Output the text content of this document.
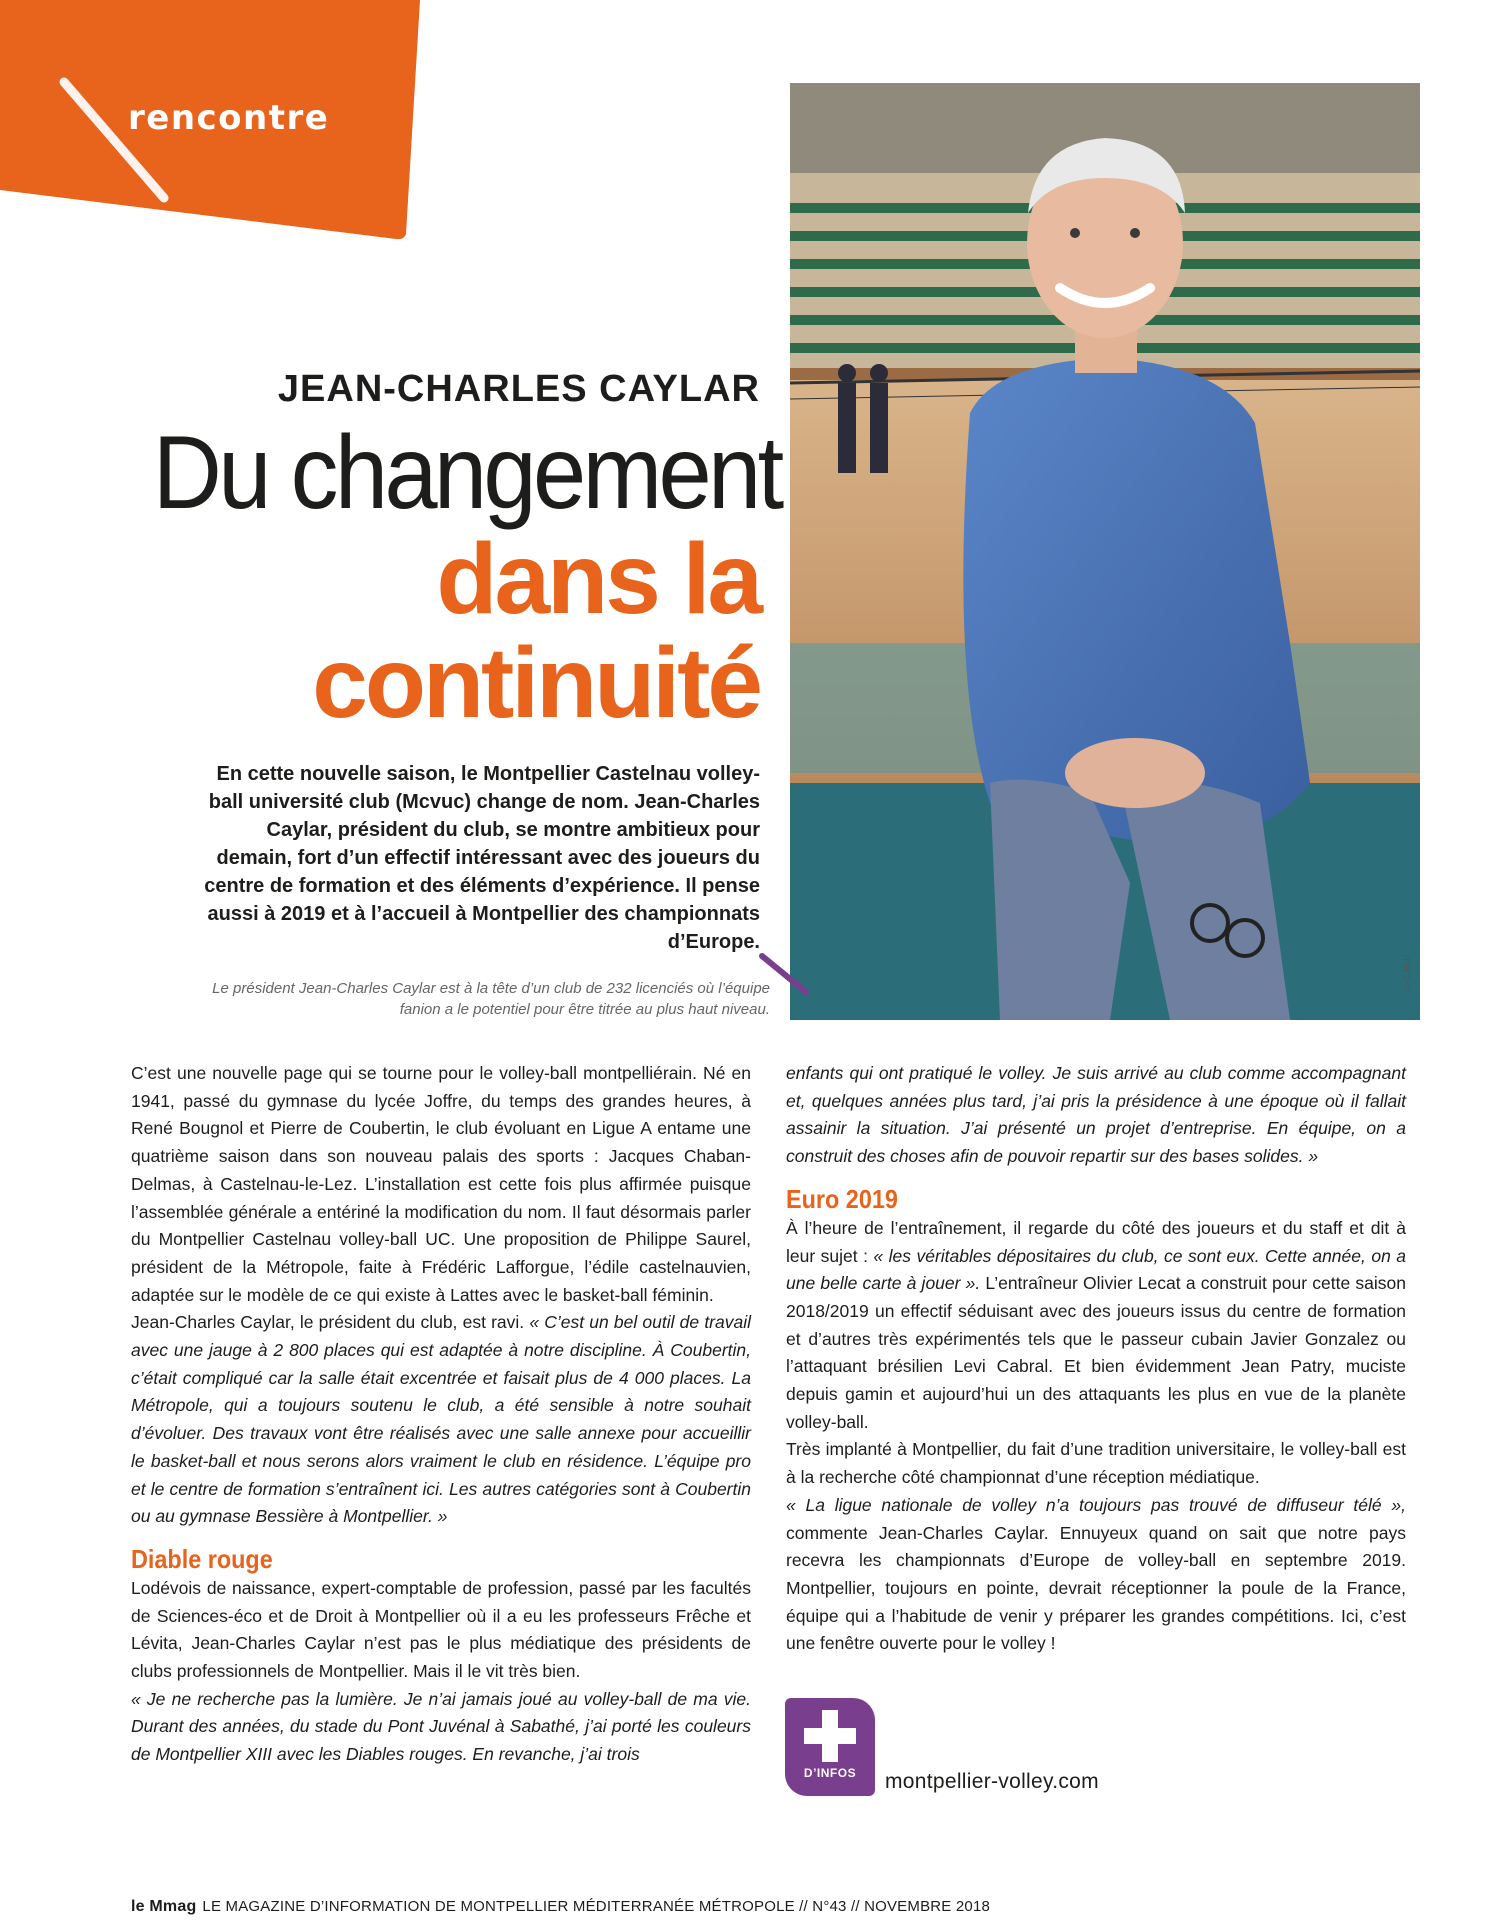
rencontre
© C.Ruiz
JEAN-CHARLES CAYLAR
Du changement
dans la continuité

En cette nouvelle saison, le Montpellier Castelnau volley-ball université club (Mcvuc) change de nom. Jean-Charles Caylar, président du club, se montre ambitieux pour demain, fort d’un effectif intéressant avec des joueurs du centre de formation et des éléments d’expérience. Il pense aussi à 2019 et à l’accueil à Montpellier des championnats d’Europe.

Le président Jean-Charles Caylar est à la tête d’un club de 232 licenciés où l’équipe fanion a le potentiel pour être titrée au plus haut niveau.

C’est une nouvelle page qui se tourne pour le volley-ball montpelliérain. Né en 1941, passé du gymnase du lycée Joffre, du temps des grandes heures, à René Bougnol et Pierre de Coubertin, le club évoluant en Ligue A entame une quatrième saison dans son nouveau palais des sports : Jacques Chaban-Delmas, à Castelnau-le-Lez. L’installation est cette fois plus affirmée puisque l’assemblée générale a entériné la modification du nom. Il faut désormais parler du Montpellier Castelnau volley-ball UC. Une proposition de Philippe Saurel, président de la Métropole, faite à Frédéric Lafforgue, l’édile castelnauvien, adaptée sur le modèle de ce qui existe à Lattes avec le basket-ball féminin.

Jean-Charles Caylar, le président du club, est ravi. « C’est un bel outil de travail avec une jauge à 2 800 places qui est adaptée à notre discipline. À Coubertin, c’était compliqué car la salle était excentrée et faisait plus de 4 000 places. La Métropole, qui a toujours soutenu le club, a été sensible à notre souhait d’évoluer. Des travaux vont être réalisés avec une salle annexe pour accueillir le basket-ball et nous serons alors vraiment le club en résidence. L’équipe pro et le centre de formation s’entraînent ici. Les autres catégories sont à Coubertin ou au gymnase Bessière à Montpellier. »

Diable rouge

Lodévois de naissance, expert-comptable de profession, passé par les facultés de Sciences-éco et de Droit à Montpellier où il a eu les professeurs Frêche et Lévita, Jean-Charles Caylar n’est pas le plus médiatique des présidents de clubs professionnels de Montpellier. Mais il le vit très bien.

« Je ne recherche pas la lumière. Je n’ai jamais joué au volley-ball de ma vie. Durant des années, du stade du Pont Juvénal à Sabathé, j’ai porté les couleurs de Montpellier XIII avec les Diables rouges. En revanche, j’ai trois

enfants qui ont pratiqué le volley. Je suis arrivé au club comme accompagnant et, quelques années plus tard, j’ai pris la présidence à une époque où il fallait assainir la situation. J’ai présenté un projet d’entreprise. En équipe, on a construit des choses afin de pouvoir repartir sur des bases solides. »

Euro 2019

À l’heure de l’entraînement, il regarde du côté des joueurs et du staff et dit à leur sujet : « les véritables dépositaires du club, ce sont eux. Cette année, on a une belle carte à jouer ». L’entraîneur Olivier Lecat a construit pour cette saison 2018/2019 un effectif séduisant avec des joueurs issus du centre de formation et d’autres très expérimentés tels que le passeur cubain Javier Gonzalez ou l’attaquant brésilien Levi Cabral. Et bien évidemment Jean Patry, muciste depuis gamin et aujourd’hui un des attaquants les plus en vue de la planète volley-ball.

Très implanté à Montpellier, du fait d’une tradition universitaire, le volley-ball est à la recherche côté championnat d’une réception médiatique.

« La ligue nationale de volley n’a toujours pas trouvé de diffuseur télé », commente Jean-Charles Caylar. Ennuyeux quand on sait que notre pays recevra les championnats d’Europe de volley-ball en septembre 2019. Montpellier, toujours en pointe, devrait réceptionner la poule de la France, équipe qui a l’habitude de venir y préparer les grandes compétitions. Ici, c’est une fenêtre ouverte pour le volley !

D’INFOS	montpellier-volley.com
le Mmag LE MAGAZINE D’INFORMATION DE MONTPELLIER MÉDITERRANÉE MÉTROPOLE // N°43 // NOVEMBRE 2018
